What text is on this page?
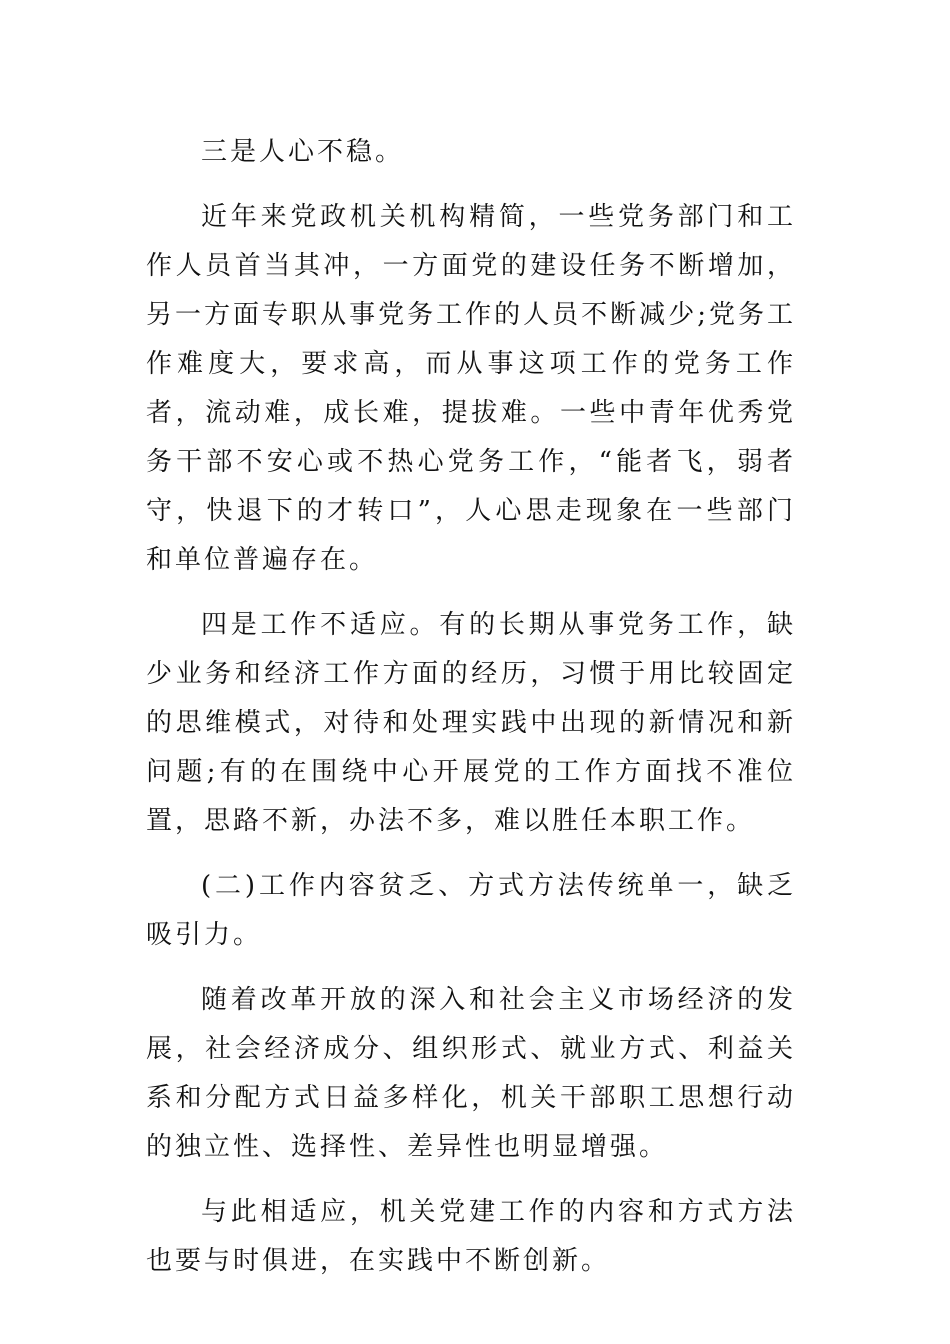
三是人心不稳。

近年来党政机关机构精简，一些党务部门和工作人员首当其冲，一方面党的建设任务不断增加，另一方面专职从事党务工作的人员不断减少;党务工作难度大，要求高，而从事这项工作的党务工作者，流动难，成长难，提拔难。一些中青年优秀党务干部不安心或不热心党务工作，“能者飞，弱者守，快退下的才转口”，人心思走现象在一些部门和单位普遍存在。

四是工作不适应。有的长期从事党务工作，缺少业务和经济工作方面的经历，习惯于用比较固定的思维模式，对待和处理实践中出现的新情况和新问题;有的在围绕中心开展党的工作方面找不准位置，思路不新，办法不多，难以胜任本职工作。

(二)工作内容贫乏、方式方法传统单一，缺乏吸引力。

随着改革开放的深入和社会主义市场经济的发展，社会经济成分、组织形式、就业方式、利益关系和分配方式日益多样化，机关干部职工思想行动的独立性、选择性、差异性也明显增强。

与此相适应，机关党建工作的内容和方式方法也要与时俱进，在实践中不断创新。
